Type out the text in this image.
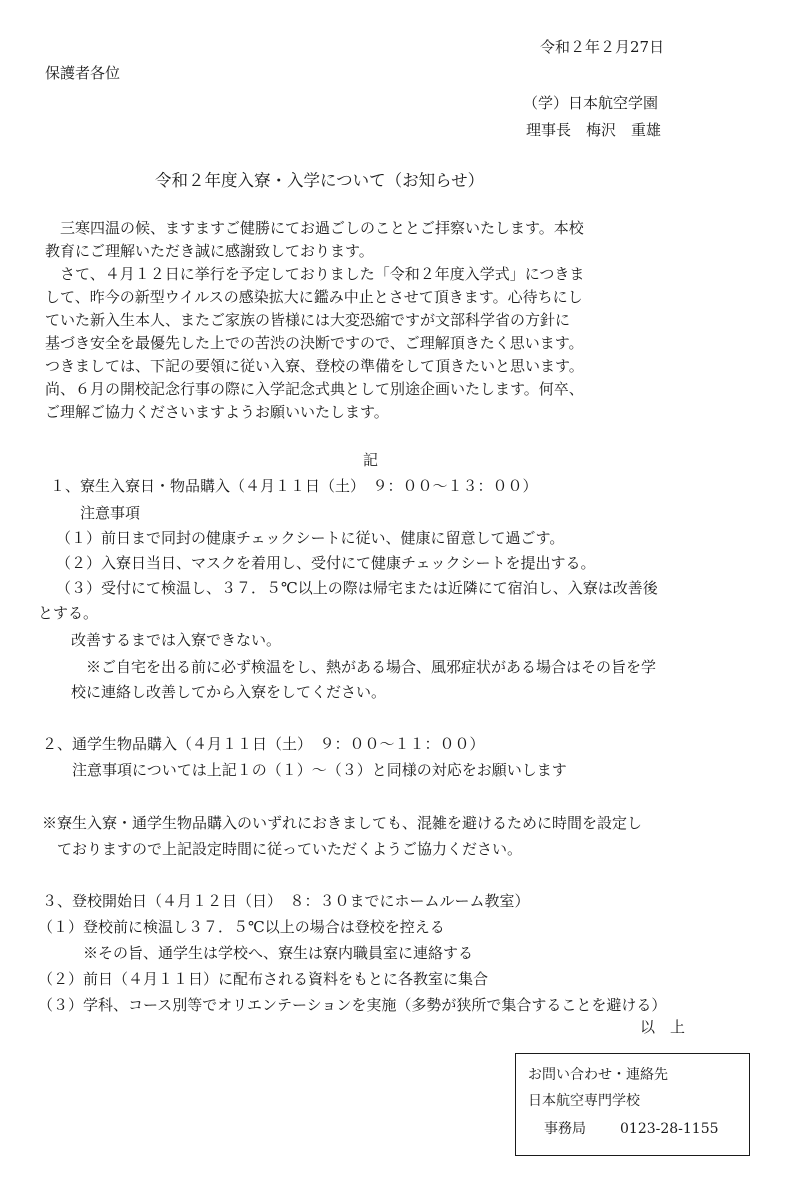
令和２年２月27日
保護者各位
（学）日本航空学園
理事長　梅沢　重雄
令和２年度入寮・入学について（お知らせ）
　三寒四温の候、ますますご健勝にてお過ごしのこととご拝察いたします。本校
教育にご理解いただき誠に感謝致しております。
　さて、４月１２日に挙行を予定しておりました「令和２年度入学式」につきま
して、昨今の新型ウイルスの感染拡大に鑑み中止とさせて頂きます。心待ちにし
ていた新入生本人、またご家族の皆様には大変恐縮ですが文部科学省の方針に
基づき安全を最優先した上での苦渋の決断ですので、ご理解頂きたく思います。
つきましては、下記の要領に従い入寮、登校の準備をして頂きたいと思います。
尚、６月の開校記念行事の際に入学記念式典として別途企画いたします。何卒、
ご理解ご協力くださいますようお願いいたします。
記
１、寮生入寮日・物品購入（４月１１日（土）　９：００～１３：００）
注意事項
（１）前日まで同封の健康チェックシートに従い、健康に留意して過ごす。
（２）入寮日当日、マスクを着用し、受付にて健康チェックシートを提出する。
（３）受付にて検温し、３７．５℃以上の際は帰宅または近隣にて宿泊し、入寮は改善後
とする。
　改善するまでは入寮できない。
　　※ご自宅を出る前に必ず検温をし、熱がある場合、風邪症状がある場合はその旨を学
　校に連絡し改善してから入寮をしてください。
２、通学生物品購入（４月１１日（土）　９：００～１１：００）
注意事項については上記１の（１）～（３）と同様の対応をお願いします
※寮生入寮・通学生物品購入のいずれにおきましても、混雑を避けるために時間を設定し
　ておりますので上記設定時間に従っていただくようご協力ください。
３、登校開始日（４月１２日（日）　８：３０までにホームルーム教室）
（１）登校前に検温し３７．５℃以上の場合は登校を控える
　　　※その旨、通学生は学校へ、寮生は寮内職員室に連絡する
（２）前日（４月１１日）に配布される資料をもとに各教室に集合
（３）学科、コース別等でオリエンテーションを実施（多勢が狭所で集合することを避ける）
以　上
お問い合わせ・連絡先
日本航空専門学校
事務局 0123-28-1155
